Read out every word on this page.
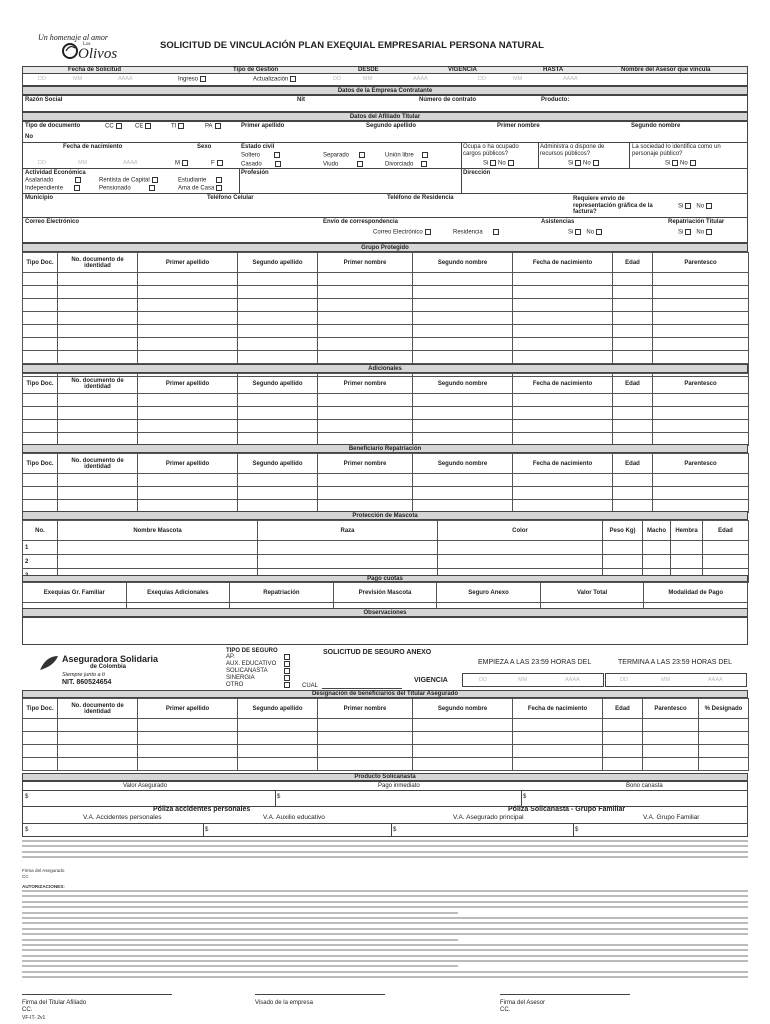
Un homenaje al amor
Los
Olivos
SOLICITUD DE VINCULACIÓN PLAN EXEQUIAL EMPRESARIAL PERSONA NATURAL
Fecha de Solicitud	Tipo de Gestión	DESDE	VIGENCIA	HASTA	Nombre del Asesor que vincula
DD	MM	AAAA	Ingreso	Actualización	DD	MM	AAAA	DD	MM	AAAA
Datos de la Empresa Contratante
Razón Social	Nit	Número de contrato	Producto:
Datos del Afiliado Titular
Tipo de documento	CC	CE	TI	PA
No
Primer apellido	Segundo apellido	Primer nombre	Segundo nombre
Fecha de nacimiento	Sexo
DD	MM	AAAA	M	F
Estado civil
Soltero
Casado
Separado
Viudo
Unión libre
Divorciado
Ocupa o ha ocupado cargos públicos?
Si No
Administra o dispone de recursos públicos?
Si No
La sociedad lo identifica como un personaje público?
Si No
Actividad Económica
Asalariado
Independiente
Rentista de Capital
Pensionado
Estudiante
Ama de Casa
Profesión	Dirección
Municipio	Teléfono Celular	Teléfono de Residencia	Requiere envío de representación gráfica de la factura?
Si No
Correo Electrónico	Envío de correspondencia
Correo Electrónico	Residencia
Asistencias
Si No
Repatriación Titular
Si No
Grupo Protegido
Tipo Doc.	No. documento de identidad	Primer apellido	Segundo apellido	Primer nombre	Segundo nombre	Fecha de nacimiento	Edad	Parentesco

Adicionales
Tipo Doc.	No. documento de identidad	Primer apellido	Segundo apellido	Primer nombre	Segundo nombre	Fecha de nacimiento	Edad	Parentesco

Beneficiario Repatriación
Tipo Doc.	No. documento de identidad	Primer apellido	Segundo apellido	Primer nombre	Segundo nombre	Fecha de nacimiento	Edad	Parentesco

Protección de Mascota
No.	Nombre Mascota	Raza	Color	Peso Kg)	Macho	Hembra	Edad
1							
2							

Pago cuotas
Exequias Gr. Familiar	Exequias Adicionales	Repatriación	Previsión Mascota	Seguro Anexo	Valor Total	Modalidad de Pago

Observaciones
Aseguradora Solidaria
de Colombia
Siempre junto a ti
NIT. 860524654
TIPO DE SEGURO
AP.
AUX. EDUCATIVO
SOLICANASTA
SINERGIA
OTRO	CUAL
SOLICITUD DE SEGURO ANEXO
EMPIEZA A LAS 23:59 HORAS DEL	TERMINA A LAS 23:59 HORAS DEL
VIGENCIA	DD	MM	AAAA	DD	MM	AAAA
Designación de beneficiarios del Titular Asegurado
Tipo Doc.	No. documento de identidad	Primer apellido	Segundo apellido	Primer nombre	Segundo nombre	Fecha de nacimiento	Edad	Parentesco	% Designado

Producto Solicanasta
Valor Asegurado	Pago inmediato	Bono canasta
$	$	$
Póliza accidentes personales	Póliza Solicanasta - Grupo Familiar
V.A. Accidentes personales	V.A. Auxilio educativo	V.A. Asegurado principal	V.A. Grupo Familiar
$	$	$	$
Firma del Asegurado
CC
AUTORIZACIONES:
Firma del Titular Afiliado
CC.
Visado de la empresa	Firma del Asesor
CC.
VF-IT- 2v1
